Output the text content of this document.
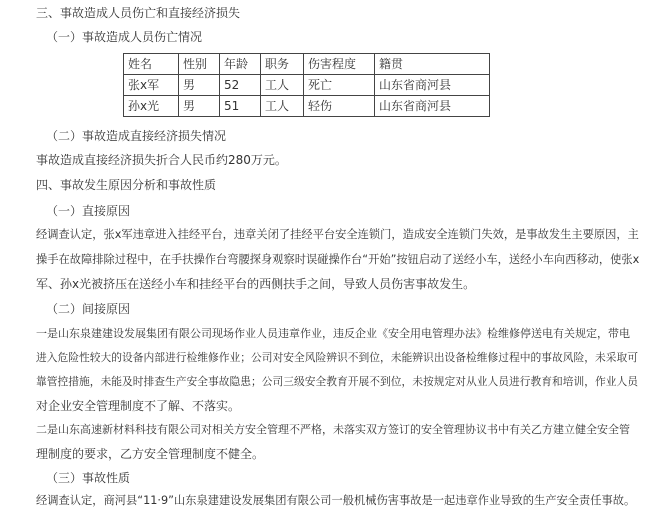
三、事故造成人员伤亡和直接经济损失
（一）事故造成人员伤亡情况
姓名	性别	年龄	职务	伤害程度	籍贯
张x军	男	52	工人	死亡	山东省商河县
孙x光	男	51	工人	轻伤	山东省商河县
（二）事故造成直接经济损失情况
事故造成直接经济损失折合人民币约280万元。
四、事故发生原因分析和事故性质
（一）直接原因
经调查认定，张x军违章进入挂经平台，违章关闭了挂经平台安全连锁门，造成安全连锁门失效，是事故发生主要原因，主
操手在故障排除过程中，在手扶操作台弯腰探身观察时误碰操作台“开始”按钮启动了送经小车，送经小车向西移动，使张x
军、孙x光被挤压在送经小车和挂经平台的西侧扶手之间，导致人员伤害事故发生。
（二）间接原因
一是山东泉建建设发展集团有限公司现场作业人员违章作业，违反企业《安全用电管理办法》检维修停送电有关规定，带电
进入危险性较大的设备内部进行检维修作业；公司对安全风险辨识不到位，未能辨识出设备检维修过程中的事故风险，未采取可
靠管控措施，未能及时排查生产安全事故隐患；公司三级安全教育开展不到位，未按规定对从业人员进行教育和培训，作业人员
对企业安全管理制度不了解、不落实。
二是山东高速新材料科技有限公司对相关方安全管理不严格，未落实双方签订的安全管理协议书中有关乙方建立健全安全管
理制度的要求，乙方安全管理制度不健全。
（三）事故性质
经调查认定，商河县“11·9”山东泉建建设发展集团有限公司一般机械伤害事故是一起违章作业导致的生产安全责任事故。
